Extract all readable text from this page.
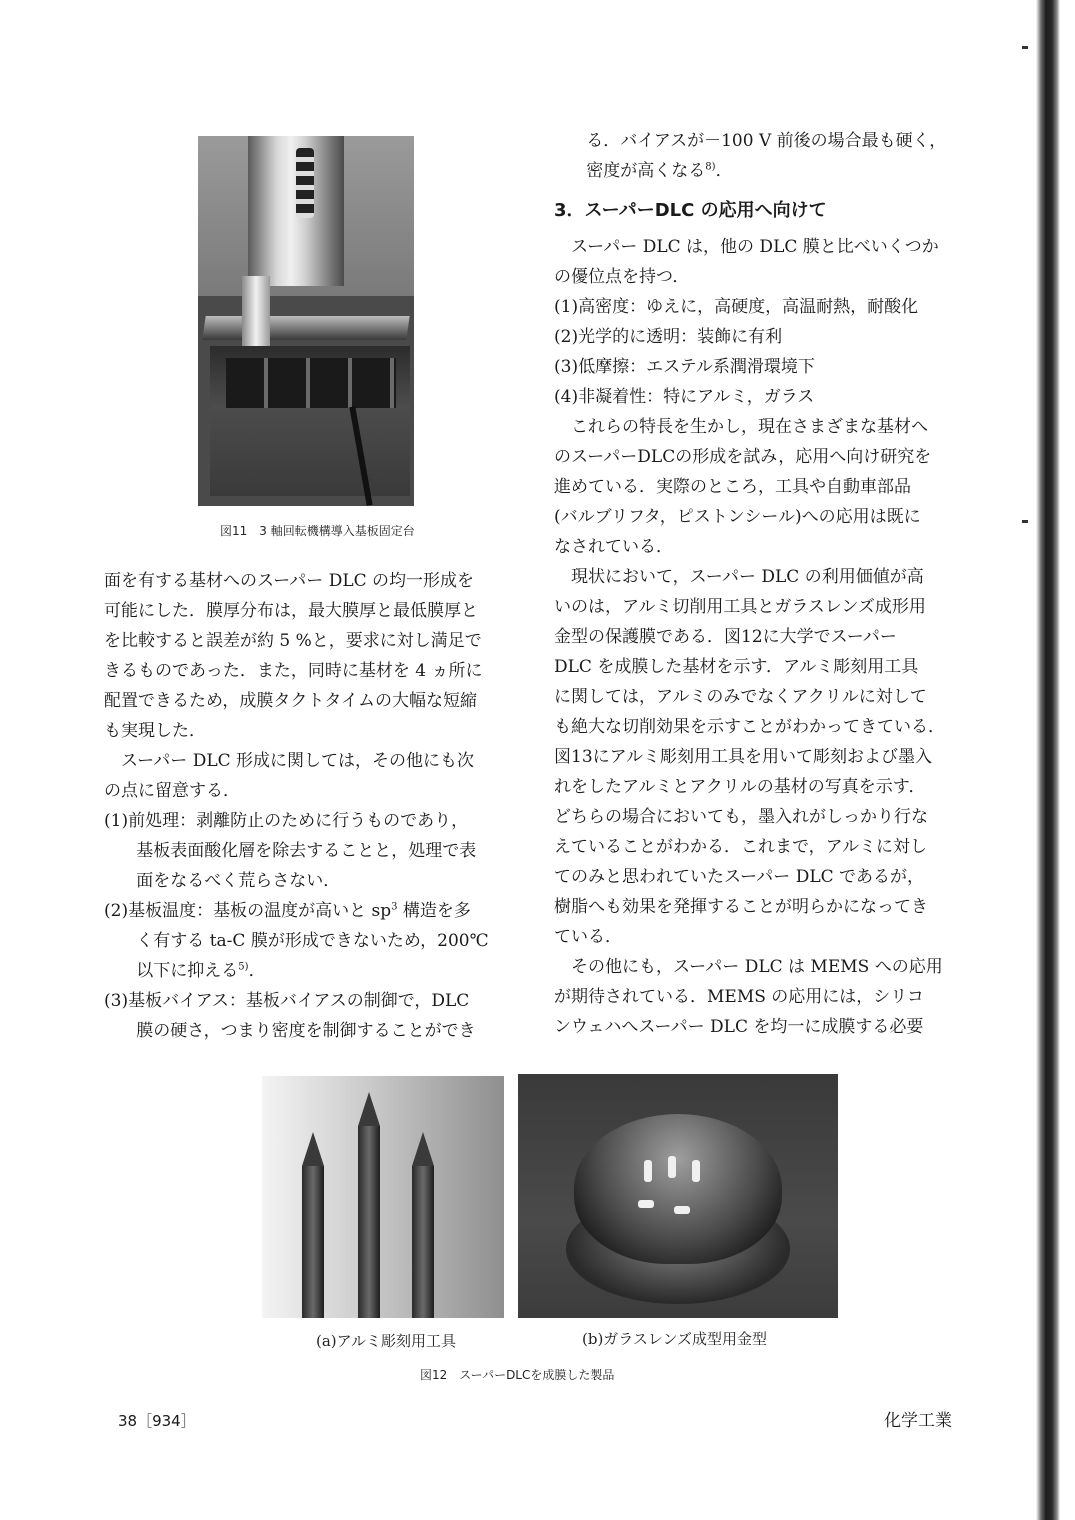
図11　3 軸回転機構導入基板固定台

面を有する基材へのスーパー DLC の均一形成を

可能にした．膜厚分布は，最大膜厚と最低膜厚と

を比較すると誤差が約 5 %と，要求に対し満足で

きるものであった．また，同時に基材を 4 ヵ所に

配置できるため，成膜タクトタイムの大幅な短縮

も実現した．

スーパー DLC 形成に関しては，その他にも次

の点に留意する．

(1)前処理：剥離防止のために行うものであり，

基板表面酸化層を除去することと，処理で表

面をなるべく荒らさない．

(2)基板温度：基板の温度が高いと $sp^3$ 構造を多

く有する ta-C 膜が形成できないため，200℃

以下に抑える$^{5)}$．

(3)基板バイアス：基板バイアスの制御で，DLC

膜の硬さ，つまり密度を制御することができ

る．バイアスが－100 V 前後の場合最も硬く，

密度が高くなる$^{8)}$．

3．スーパーDLC の応用へ向けて

スーパー DLC は，他の DLC 膜と比べいくつか

の優位点を持つ．

(1)高密度：ゆえに，高硬度，高温耐熱，耐酸化

(2)光学的に透明：装飾に有利

(3)低摩擦：エステル系潤滑環境下

(4)非凝着性：特にアルミ，ガラス

これらの特長を生かし，現在さまざまな基材へ

のスーパーDLCの形成を試み，応用へ向け研究を

進めている．実際のところ，工具や自動車部品

(バルブリフタ，ピストンシール)への応用は既に

なされている．

現状において，スーパー DLC の利用価値が高

いのは，アルミ切削用工具とガラスレンズ成形用

金型の保護膜である．図12に大学でスーパー

DLC を成膜した基材を示す．アルミ彫刻用工具

に関しては，アルミのみでなくアクリルに対して

も絶大な切削効果を示すことがわかってきている．

図13にアルミ彫刻用工具を用いて彫刻および墨入

れをしたアルミとアクリルの基材の写真を示す．

どちらの場合においても，墨入れがしっかり行な

えていることがわかる．これまで，アルミに対し

てのみと思われていたスーパー DLC であるが，

樹脂へも効果を発揮することが明らかになってき

ている．

その他にも，スーパー DLC は MEMS への応用

が期待されている．MEMS の応用には，シリコ

ンウェハへスーパー DLC を均一に成膜する必要

(a)アルミ彫刻用工具	(b)ガラスレンズ成型用金型
図12　スーパーDLCを成膜した製品
38［934］	化学工業
